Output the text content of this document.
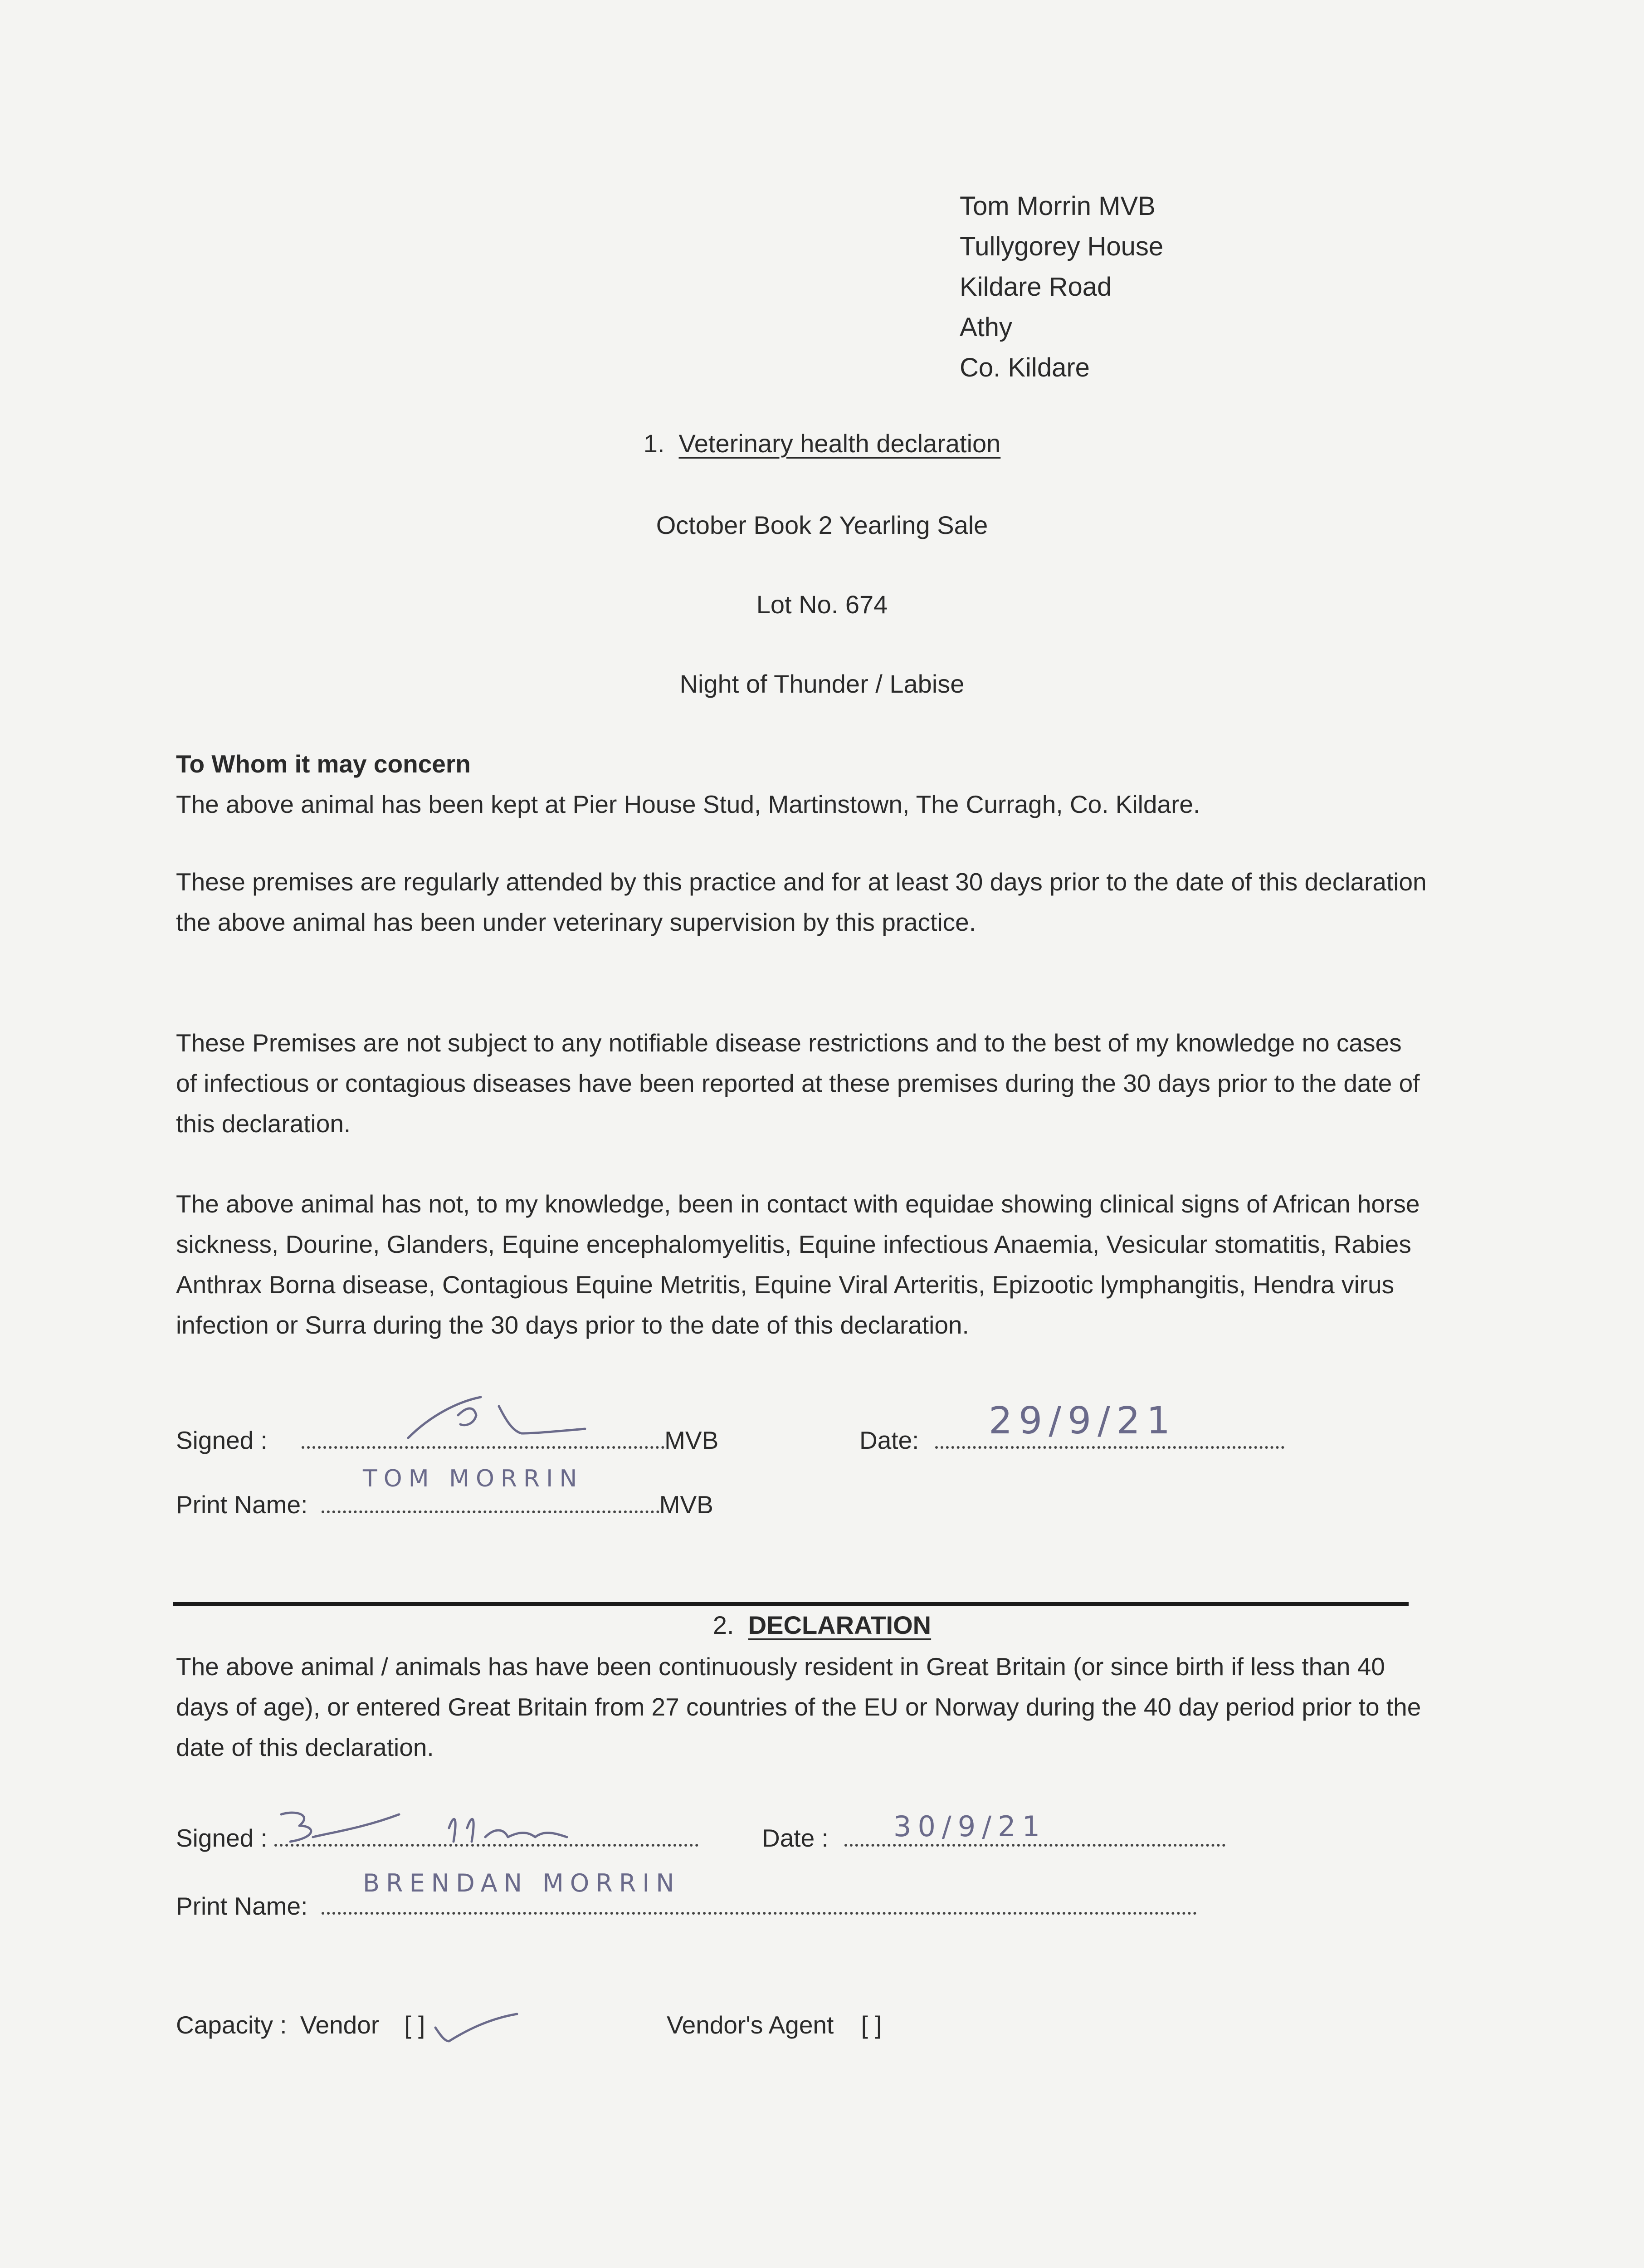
Tom Morrin MVB
Tullygorey House
Kildare Road
Athy
Co. Kildare
1. Veterinary health declaration
October Book 2 Yearling Sale
Lot No. 674
Night of Thunder / Labise
To Whom it may concern
The above animal has been kept at Pier House Stud, Martinstown, The Curragh, Co. Kildare.
These premises are regularly attended by this practice and for at least 30 days prior to the date of this declaration the above animal has been under veterinary supervision by this practice.
These Premises are not subject to any notifiable disease restrictions and to the best of my knowledge no cases of infectious or contagious diseases have been reported at these premises during the 30 days prior to the date of this declaration.
The above animal has not, to my knowledge, been in contact with equidae showing clinical signs of African horse sickness, Dourine, Glanders, Equine encephalomyelitis, Equine infectious Anaemia, Vesicular stomatitis, Rabies Anthrax Borna disease, Contagious Equine Metritis, Equine Viral Arteritis, Epizootic lymphangitis, Hendra virus infection or Surra during the 30 days prior to the date of this declaration.
Signed :	MVB	Date:	29/9/21
Print Name:	MVB
TOM MORRIN
2. DECLARATION
The above animal / animals has have been continuously resident in Great Britain (or since birth if less than 40 days of age), or entered Great Britain from 27 countries of the EU or Norway during the 40 day period prior to the date of this declaration.
Signed :	Date :	30/9/21
Print Name:
BRENDAN MORRIN
Capacity : Vendor [ ]	Vendor's Agent [ ]
